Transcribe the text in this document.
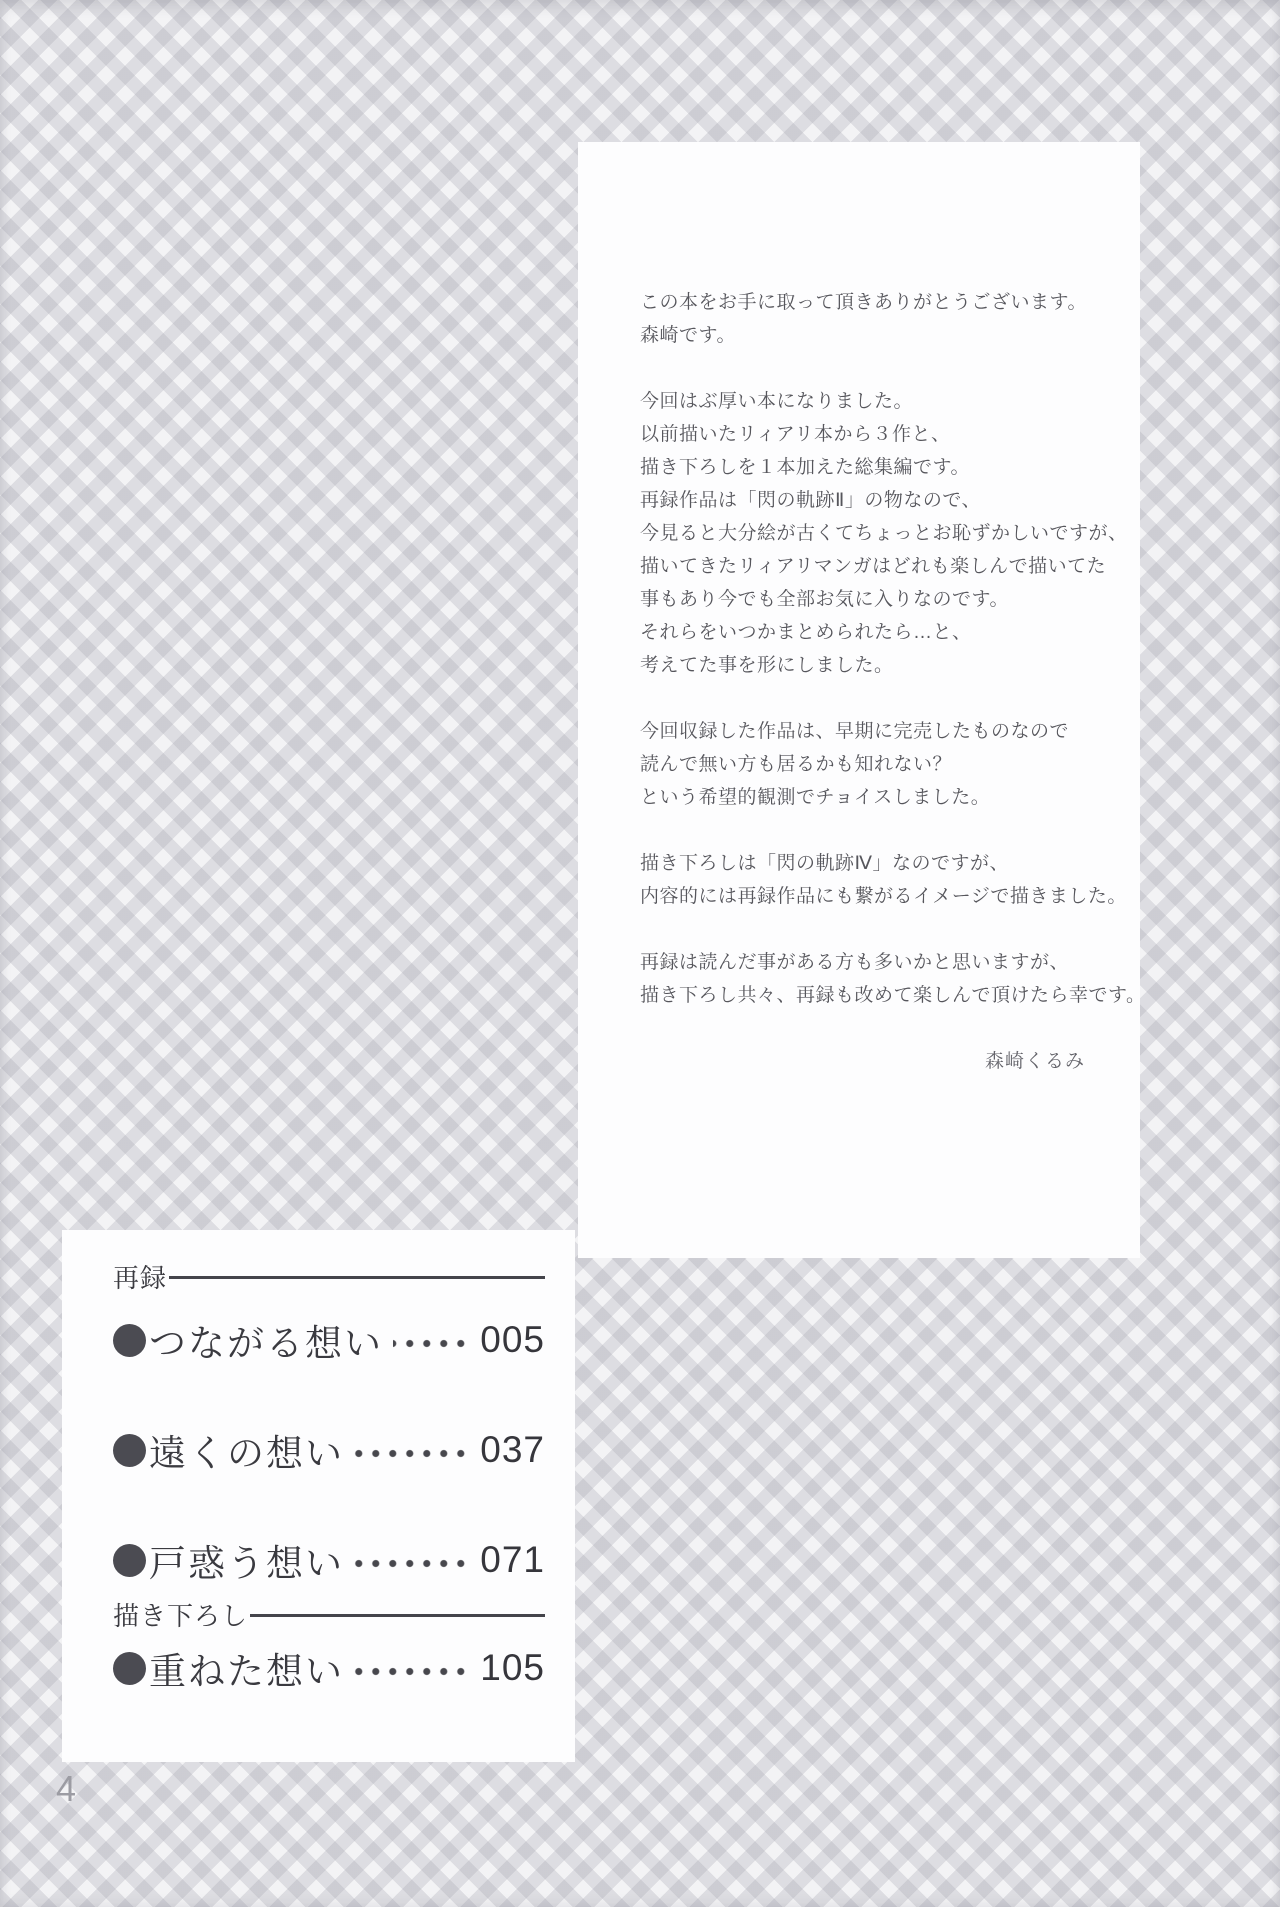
この本をお手に取って頂きありがとうございます。
森崎です。
今回はぶ厚い本になりました。
以前描いたリィアリ本から３作と、
描き下ろしを１本加えた総集編です。
再録作品は「閃の軌跡Ⅱ」の物なので、
今見ると大分絵が古くてちょっとお恥ずかしいですが、
描いてきたリィアリマンガはどれも楽しんで描いてた
事もあり今でも全部お気に入りなのです。
それらをいつかまとめられたら…と、
考えてた事を形にしました。
今回収録した作品は、早期に完売したものなので
読んで無い方も居るかも知れない？
という希望的観測でチョイスしました。
描き下ろしは「閃の軌跡Ⅳ」なのですが、
内容的には再録作品にも繋がるイメージで描きました。
再録は読んだ事がある方も多いかと思いますが、
描き下ろし共々、再録も改めて楽しんで頂けたら幸です。
森崎くるみ
再録
つながる想い	005
遠くの想い	037
戸惑う想い	071
描き下ろし
重ねた想い	105
4
